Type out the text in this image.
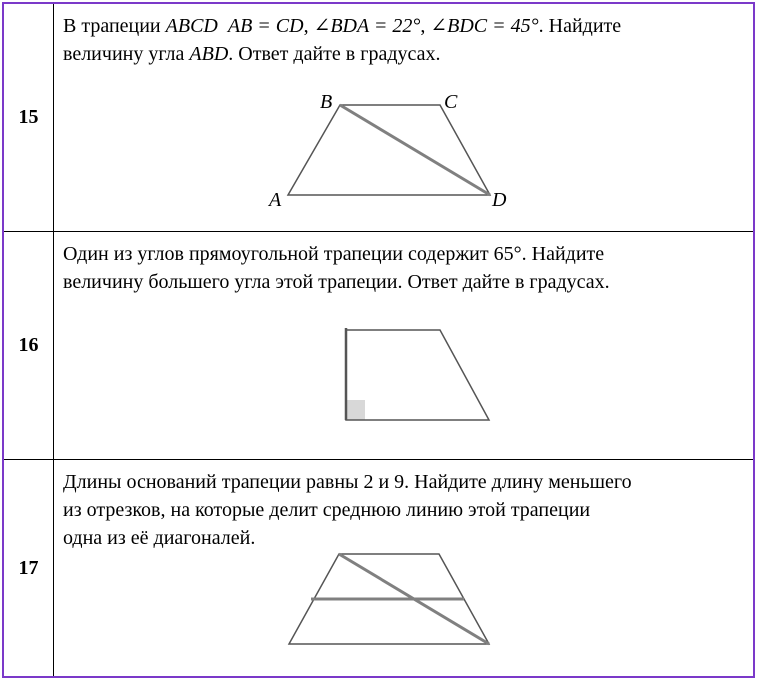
15
В трапеции ABCD AB = CD, ∠BDA = 22°, ∠BDC = 45°. Найдите
величину угла ABD. Ответ дайте в градусах.
A
B	C
D
16
Один из углов прямоугольной трапеции содержит 65°. Найдите
величину большего угла этой трапеции. Ответ дайте в градусах.
17
Длины оснований трапеции равны 2 и 9. Найдите длину меньшего
из отрезков, на которые делит среднюю линию этой трапеции
одна из её диагоналей.
